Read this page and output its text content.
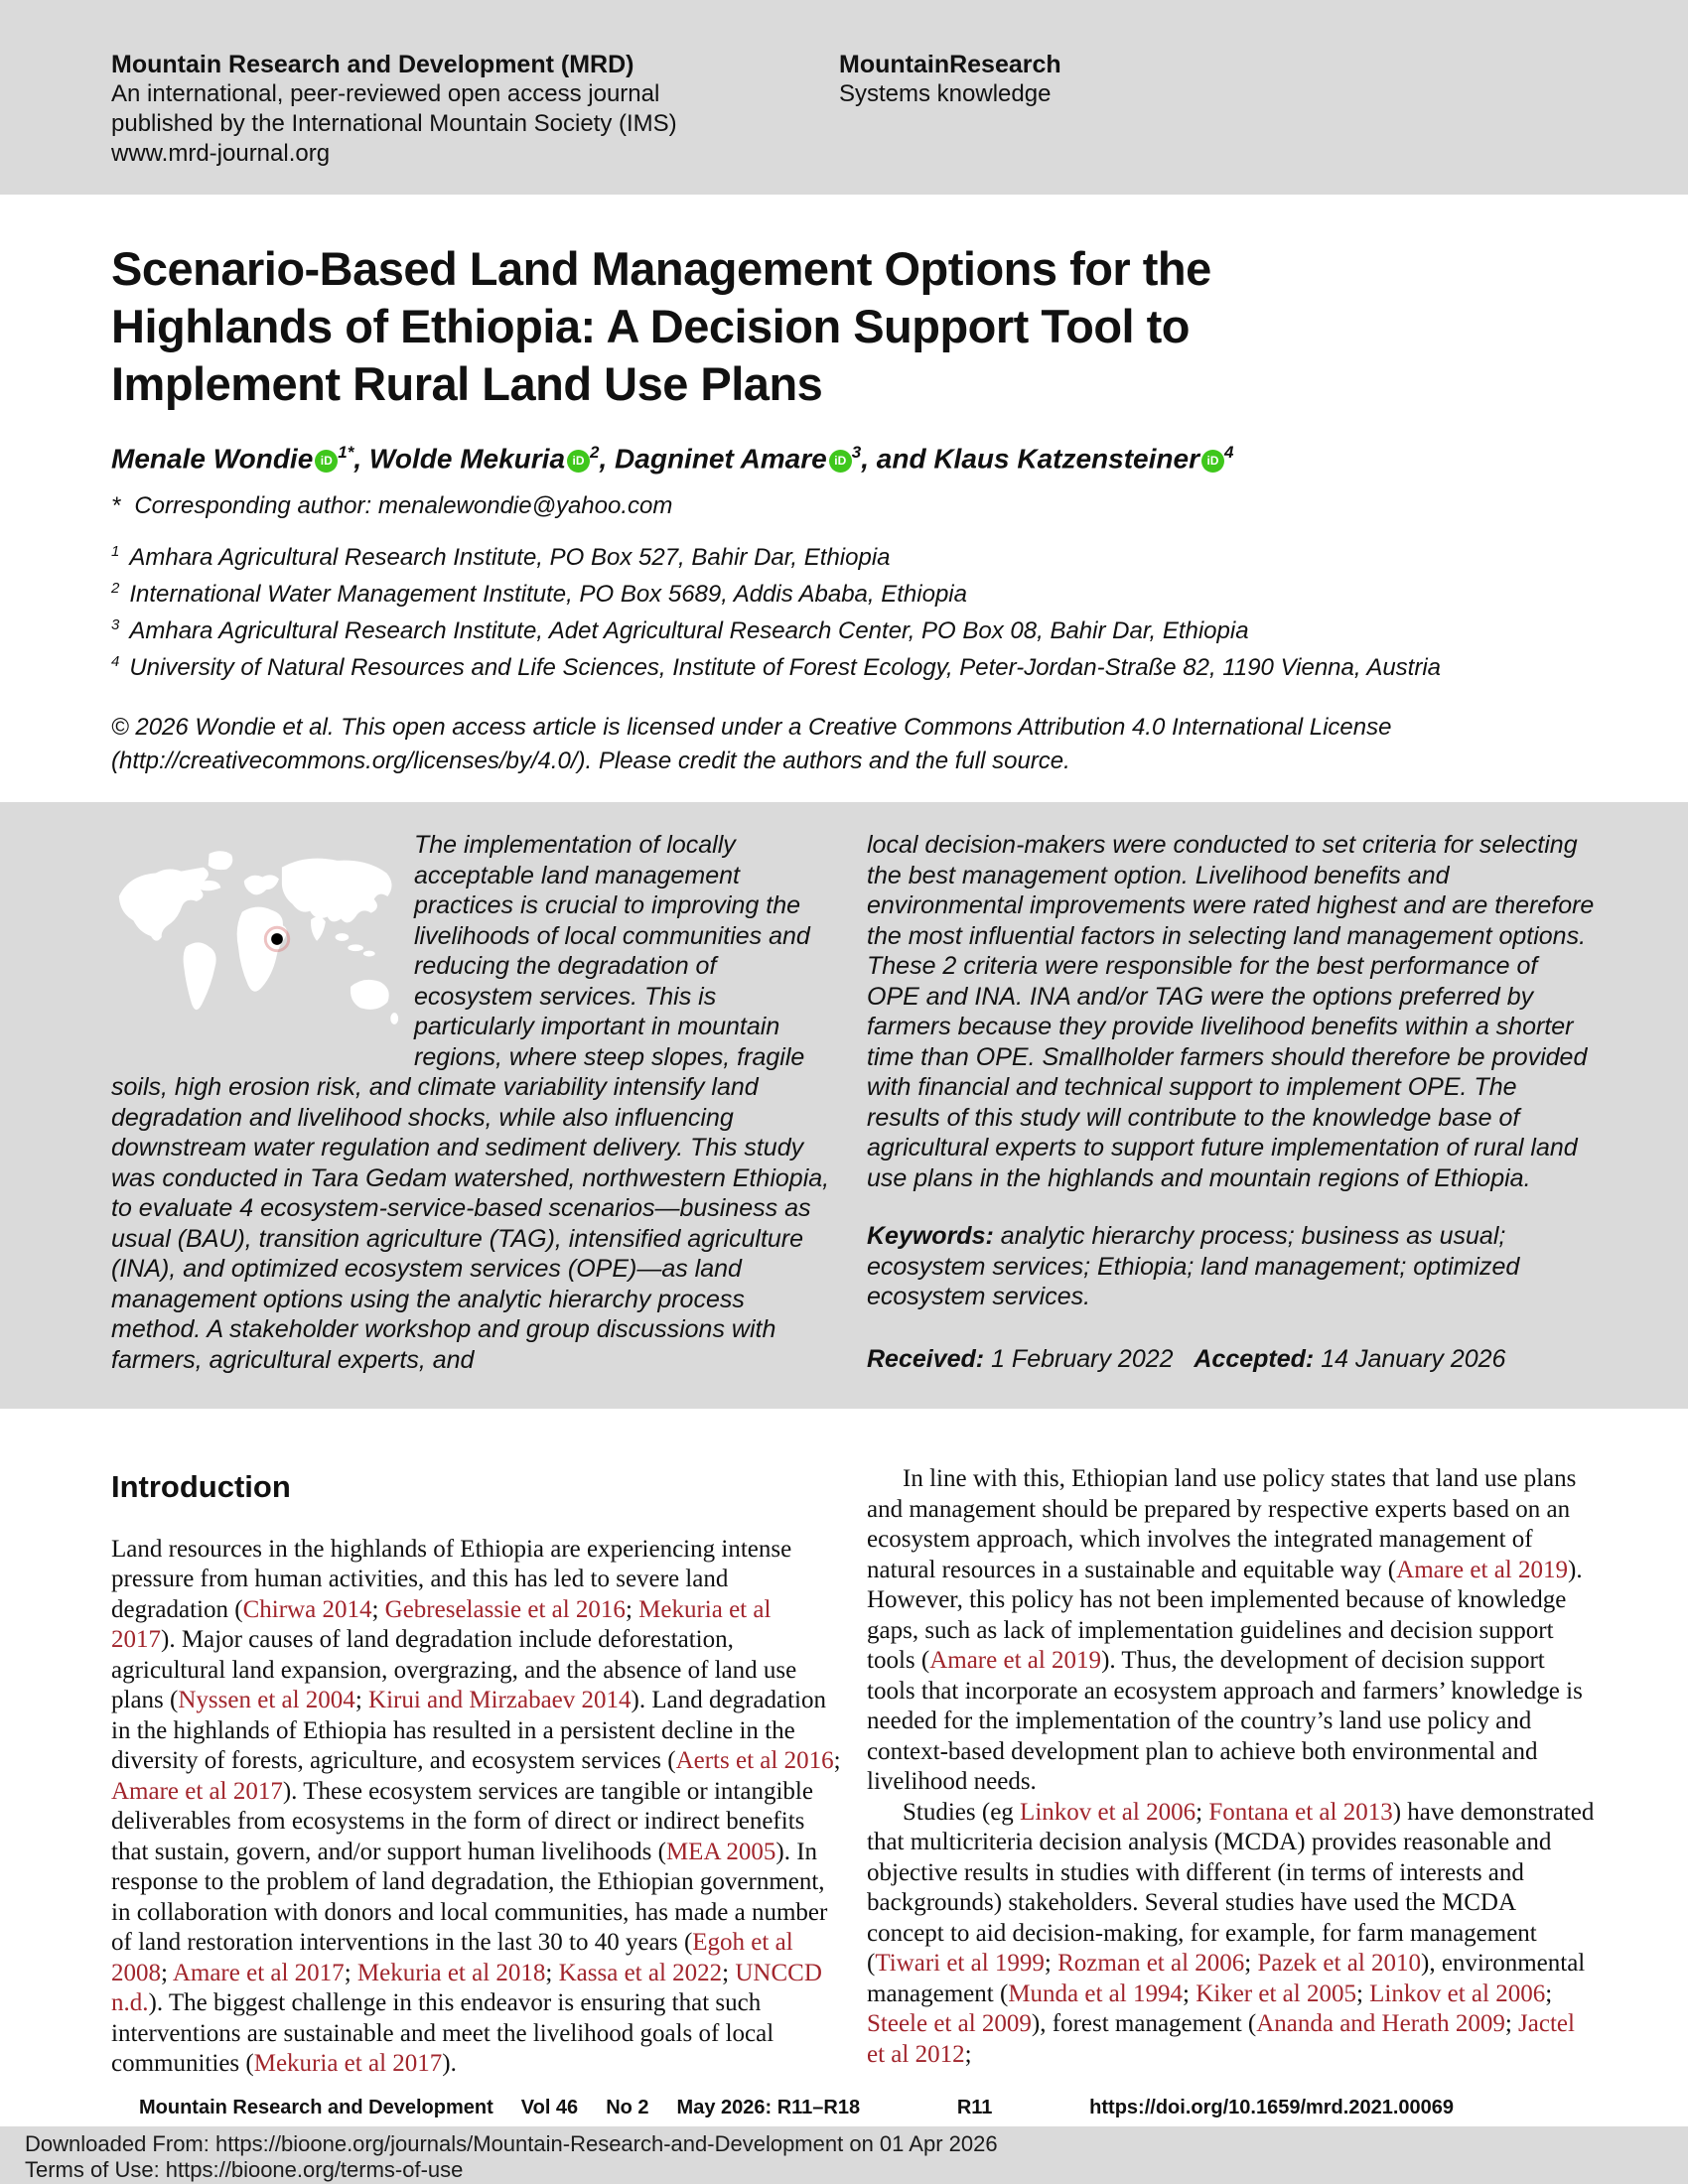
Mountain Research and Development (MRD)
An international, peer-reviewed open access journal
published by the International Mountain Society (IMS)
www.mrd-journal.org
MountainResearch
Systems knowledge
Scenario-Based Land Management Options for the
Highlands of Ethiopia: A Decision Support Tool to
Implement Rural Land Use Plans
Menale Wondie iD $^{1*}$, Wolde Mekuria iD $^2$, Dagninet Amare iD $^3$, and Klaus Katzensteiner iD $^4$
* Corresponding author: menalewondie@yahoo.com
$^1$ Amhara Agricultural Research Institute, PO Box 527, Bahir Dar, Ethiopia
$^2$ International Water Management Institute, PO Box 5689, Addis Ababa, Ethiopia
$^3$ Amhara Agricultural Research Institute, Adet Agricultural Research Center, PO Box 08, Bahir Dar, Ethiopia
$^4$ University of Natural Resources and Life Sciences, Institute of Forest Ecology, Peter-Jordan-Straße 82, 1190 Vienna, Austria
© 2026 Wondie et al. This open access article is licensed under a Creative Commons Attribution 4.0 International License (http://creativecommons.org/licenses/by/4.0/). Please credit the authors and the full source.

The implementation of locally acceptable land management practices is crucial to improving the livelihoods of local communities and reducing the degradation of ecosystem services. This is particularly important in mountain regions, where steep slopes, fragile soils, high erosion risk, and climate variability intensify land degradation and livelihood shocks, while also influencing downstream water regulation and sediment delivery. This study was conducted in Tara Gedam watershed, northwestern Ethiopia, to evaluate 4 ecosystem-service-based scenarios—business as usual (BAU), transition agriculture (TAG), intensified agriculture (INA), and optimized ecosystem services (OPE)—as land management options using the analytic hierarchy process method. A stakeholder workshop and group discussions with farmers, agricultural experts, and

local decision-makers were conducted to set criteria for selecting the best management option. Livelihood benefits and environmental improvements were rated highest and are therefore the most influential factors in selecting land management options. These 2 criteria were responsible for the best performance of OPE and INA. INA and/or TAG were the options preferred by farmers because they provide livelihood benefits within a shorter time than OPE. Smallholder farmers should therefore be provided with financial and technical support to implement OPE. The results of this study will contribute to the knowledge base of agricultural experts to support future implementation of rural land use plans in the highlands and mountain regions of Ethiopia.

Keywords: analytic hierarchy process; business as usual; ecosystem services; Ethiopia; land management; optimized ecosystem services.

Received: 1 February 2022 Accepted: 14 January 2026

Introduction

Land resources in the highlands of Ethiopia are experiencing intense pressure from human activities, and this has led to severe land degradation (Chirwa 2014; Gebreselassie et al 2016; Mekuria et al 2017). Major causes of land degradation include deforestation, agricultural land expansion, overgrazing, and the absence of land use plans (Nyssen et al 2004; Kirui and Mirzabaev 2014). Land degradation in the highlands of Ethiopia has resulted in a persistent decline in the diversity of forests, agriculture, and ecosystem services (Aerts et al 2016; Amare et al 2017). These ecosystem services are tangible or intangible deliverables from ecosystems in the form of direct or indirect benefits that sustain, govern, and/or support human livelihoods (MEA 2005). In response to the problem of land degradation, the Ethiopian government, in collaboration with donors and local communities, has made a number of land restoration interventions in the last 30 to 40 years (Egoh et al 2008; Amare et al 2017; Mekuria et al 2018; Kassa et al 2022; UNCCD n.d.). The biggest challenge in this endeavor is ensuring that such interventions are sustainable and meet the livelihood goals of local communities (Mekuria et al 2017).

In line with this, Ethiopian land use policy states that land use plans and management should be prepared by respective experts based on an ecosystem approach, which involves the integrated management of natural resources in a sustainable and equitable way (Amare et al 2019). However, this policy has not been implemented because of knowledge gaps, such as lack of implementation guidelines and decision support tools (Amare et al 2019). Thus, the development of decision support tools that incorporate an ecosystem approach and farmers’ knowledge is needed for the implementation of the country’s land use policy and context-based development plan to achieve both environmental and livelihood needs.

Studies (eg Linkov et al 2006; Fontana et al 2013) have demonstrated that multicriteria decision analysis (MCDA) provides reasonable and objective results in studies with different (in terms of interests and backgrounds) stakeholders. Several studies have used the MCDA concept to aid decision-making, for example, for farm management (Tiwari et al 1999; Rozman et al 2006; Pazek et al 2010), environmental management (Munda et al 1994; Kiker et al 2005; Linkov et al 2006; Steele et al 2009), forest management (Ananda and Herath 2009; Jactel et al 2012;

Mountain Research and Development Vol 46 No 2 May 2026: R11–R18	R11	https://doi.org/10.1659/mrd.2021.00069
Downloaded From: https://bioone.org/journals/Mountain-Research-and-Development on 01 Apr 2026
Terms of Use: https://bioone.org/terms-of-use
